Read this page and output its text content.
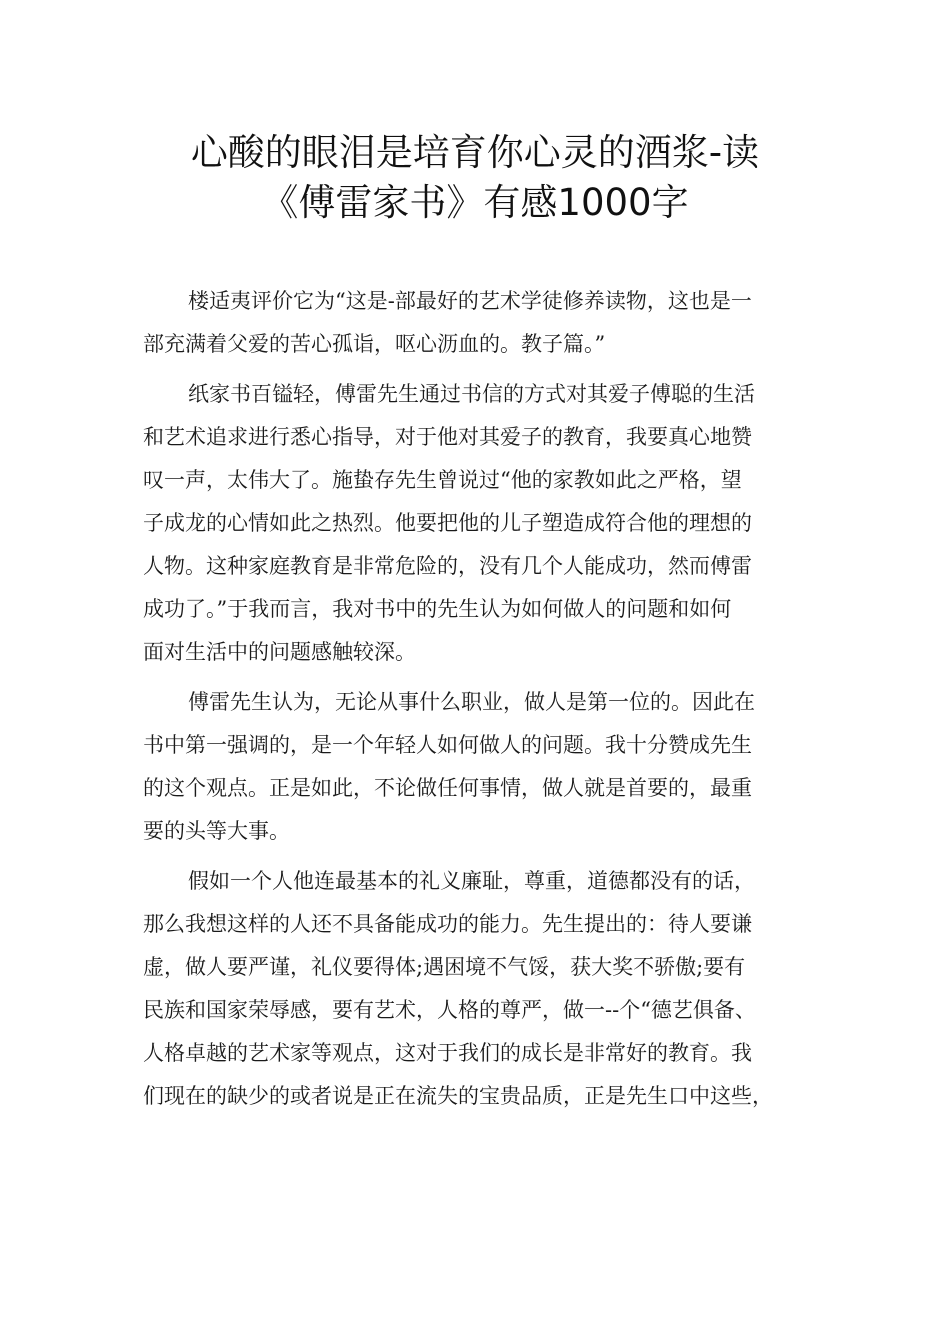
心酸的眼泪是培育你心灵的酒浆-读
《傅雷家书》有感1000字
楼适夷评价它为“这是-部最好的艺术学徒修养读物，这也是一
部充满着父爱的苦心孤诣，呕心沥血的。教子篇。”
纸家书百镒轻，傅雷先生通过书信的方式对其爱子傅聪的生活
和艺术追求进行悉心指导，对于他对其爱子的教育，我要真心地赞
叹一声，太伟大了。施蛰存先生曾说过“他的家教如此之严格，望
子成龙的心情如此之热烈。他要把他的儿子塑造成符合他的理想的
人物。这种家庭教育是非常危险的，没有几个人能成功，然而傅雷
成功了。”于我而言，我对书中的先生认为如何做人的问题和如何
面对生活中的问题感触较深。
傅雷先生认为，无论从事什么职业，做人是第一位的。因此在
书中第一强调的，是一个年轻人如何做人的问题。我十分赞成先生
的这个观点。正是如此，不论做任何事情，做人就是首要的，最重
要的头等大事。
假如一个人他连最基本的礼义廉耻，尊重，道德都没有的话，
那么我想这样的人还不具备能成功的能力。先生提出的：待人要谦
虚，做人要严谨，礼仪要得体;遇困境不气馁，获大奖不骄傲;要有
民族和国家荣辱感，要有艺术，人格的尊严，做一--个“德艺俱备、
人格卓越的艺术家等观点，这对于我们的成长是非常好的教育。我
们现在的缺少的或者说是正在流失的宝贵品质，正是先生口中这些，
